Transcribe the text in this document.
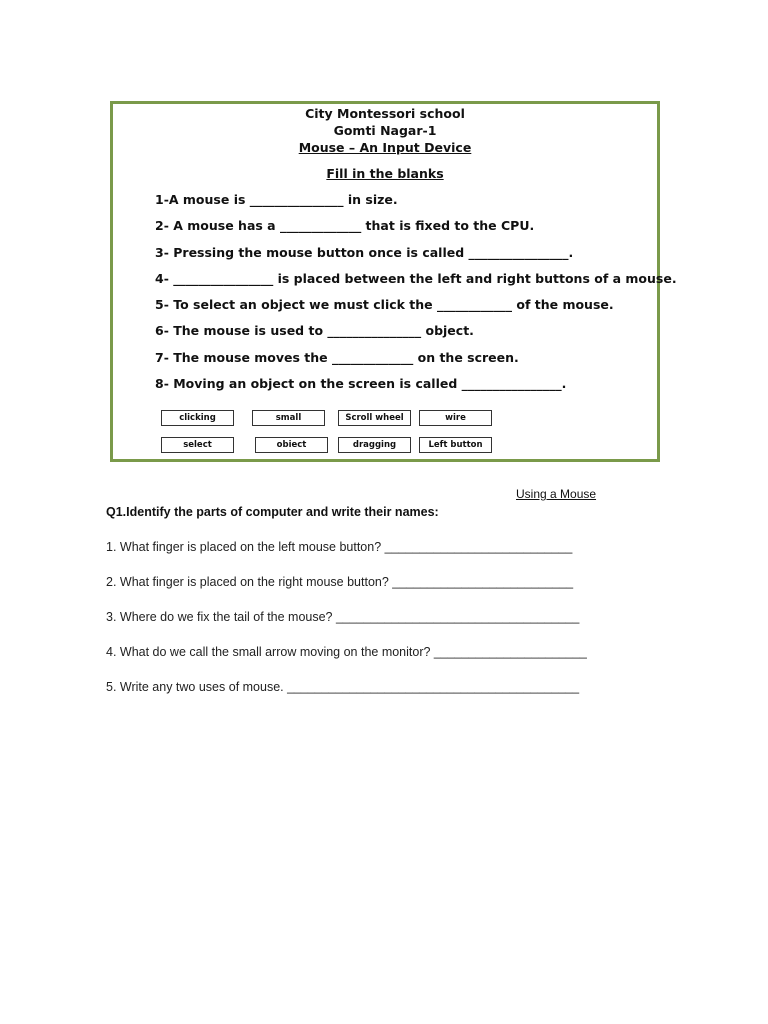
City Montessori school
Gomti Nagar-1
Mouse – An Input Device
Fill in the blanks
1-A mouse is _______________ in size.
2- A mouse has a _____________ that is fixed to the CPU.
3- Pressing the mouse button once is called ________________.
4- ________________ is placed between the left and right buttons of a mouse.
5- To select an object we must click the ____________ of the mouse.
6- The mouse is used to _______________ object.
7- The mouse moves the _____________ on the screen.
8- Moving an object on the screen is called ________________.
clicking	small	Scroll wheel	wire
select	obiect	dragging	Left button
Using a Mouse
Q1.Identify the parts of computer and write their names:
1. What finger is placed on the left mouse button? ___________________________
2. What finger is placed on the right mouse button? __________________________
3. Where do we fix the tail of the mouse? ___________________________________
4. What do we call the small arrow moving on the monitor? ______________________
5. Write any two uses of mouse. __________________________________________
